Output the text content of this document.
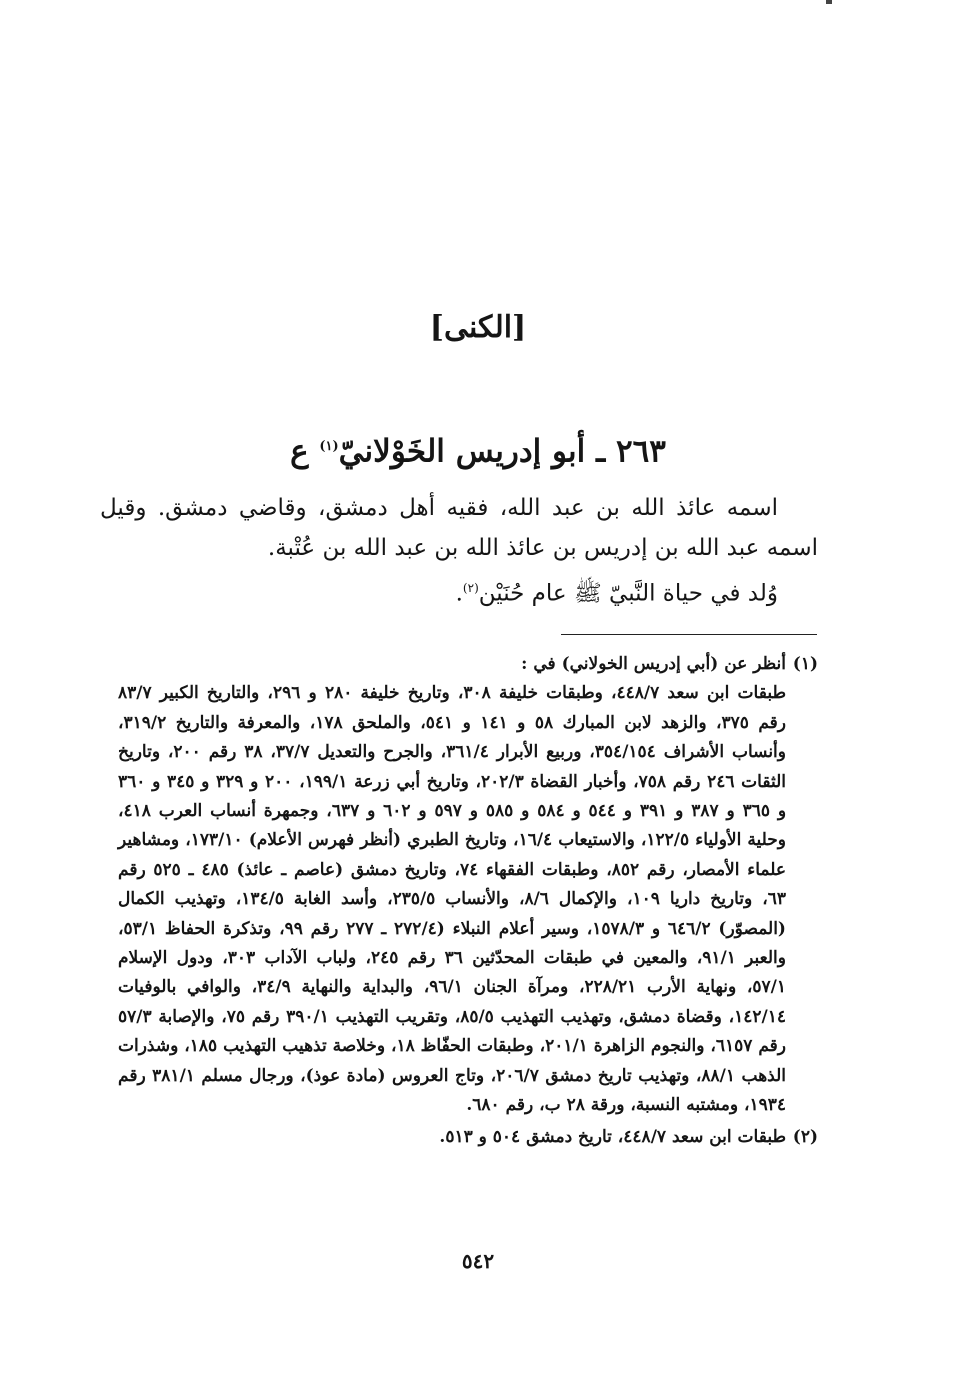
[الكنى]
٢٦٣ ـ أبو إدريس الخَوْلانيّ$^{(١)}$ ع

اسمه عائذ الله بن عبد الله، فقيه أهل دمشق، وقاضي دمشق. وقيل اسمه عبد الله بن إدريس بن عائذ الله بن عبد الله بن عُتْبة.

وُلد في حياة النَّبيّ ﷺ عام حُنَيْن$^{(٢)}$.

(١)
أنظر عن (أبي إدريس الخولاني) في :
طبقات ابن سعد ٤٤٨/٧، وطبقات خليفة ٣٠٨، وتاريخ خليفة ٢٨٠ و ٢٩٦، والتاريخ الكبير ٨٣/٧ رقم ٣٧٥، والزهد لابن المبارك ٥٨ و ١٤١ و ٥٤١، والملحق ١٧٨، والمعرفة والتاريخ ٣١٩/٢، وأنساب الأشراف ٣٥٤/١٥٤، وربيع الأبرار ٣٦١/٤، والجرح والتعديل ٣٧/٧، ٣٨ رقم ٢٠٠، وتاريخ الثقات ٢٤٦ رقم ٧٥٨، وأخبار القضاة ٢٠٢/٣، وتاريخ أبي زرعة ١٩٩/١، ٢٠٠ و ٣٢٩ و ٣٤٥ و ٣٦٠ و ٣٦٥ و ٣٨٧ و ٣٩١ و ٥٤٤ و ٥٨٤ و ٥٨٥ و ٥٩٧ و ٦٠٢ و ٦٣٧، وجمهرة أنساب العرب ٤١٨، وحلية الأولياء ١٢٢/٥، والاستيعاب ١٦/٤، وتاريخ الطبري (أنظر فهرس الأعلام) ١٧٣/١٠، ومشاهير علماء الأمصار، رقم ٨٥٢، وطبقات الفقهاء ٧٤، وتاريخ دمشق (عاصم ـ عائذ) ٤٨٥ ـ ٥٢٥ رقم ٦٣، وتاريخ داريا ١٠٩، والإكمال ٨/٦، والأنساب ٢٣٥/٥، وأسد الغابة ١٣٤/٥، وتهذيب الكمال (المصوّر) ٦٤٦/٢ و ١٥٧٨/٣، وسير أعلام النبلاء (٢٧٢/٤ ـ ٢٧٧ رقم ٩٩، وتذكرة الحفاظ ٥٣/١، والعبر ٩١/١، والمعين في طبقات المحدّثين ٣٦ رقم ٢٤٥، ولباب الآداب ٣٠٣، ودول الإسلام ٥٧/١، ونهاية الأرب ٢٢٨/٢١، ومرآة الجنان ٩٦/١، والبداية والنهاية ٣٤/٩، والوافي بالوفيات ١٤٢/١٤، وقضاة دمشق، وتهذيب التهذيب ٨٥/٥، وتقريب التهذيب ٣٩٠/١ رقم ٧٥، والإصابة ٥٧/٣ رقم ٦١٥٧، والنجوم الزاهرة ٢٠١/١، وطبقات الحفّاظ ١٨، وخلاصة تذهيب التهذيب ١٨٥، وشذرات الذهب ٨٨/١، وتهذيب تاريخ دمشق ٢٠٦/٧، وتاج العروس (مادة عوذ)، ورجال مسلم ٣٨١/١ رقم ١٩٣٤، ومشتبه النسبة، ورقة ٢٨ ب، رقم ٦٨٠.
(٢)
طبقات ابن سعد ٤٤٨/٧، تاريخ دمشق ٥٠٤ و ٥١٣.
٥٤٢
